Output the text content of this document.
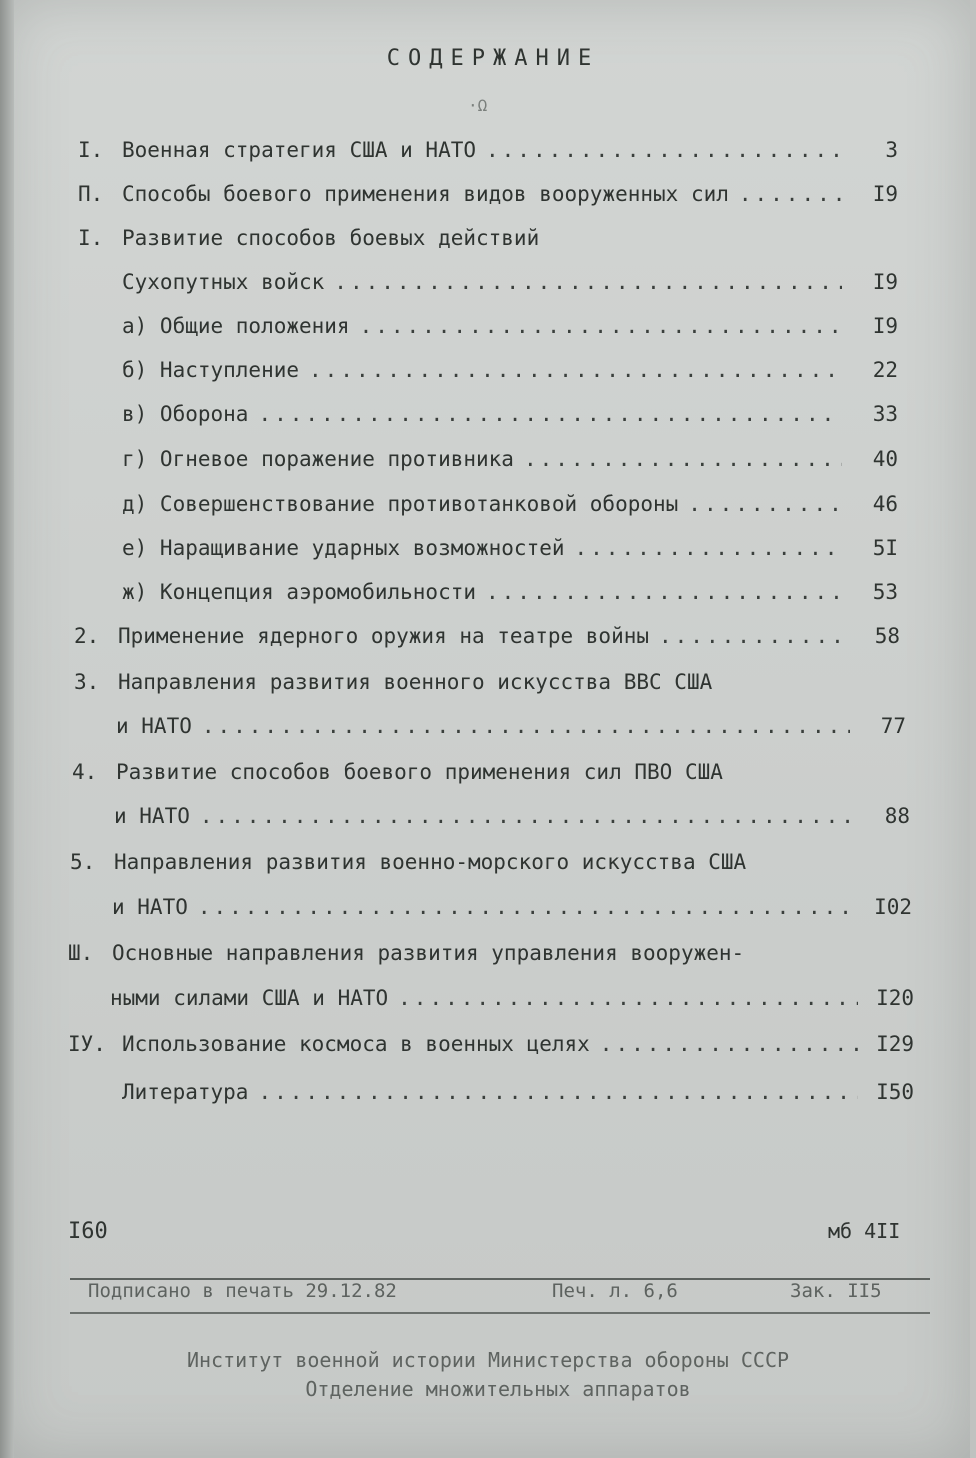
СОДЕРЖАНИЕ
·Ω
I. Военная стратегия США и НАТО .....	3
П. Способы боевого применения видов вооруженных сил .....	I9
I. Развитие способов боевых действий
Сухопутных войск .....	I9
а) Общие положения .....	I9
б) Наступление .....	22
в) Оборона .....	33
г) Огневое поражение противника .....	40
д) Совершенствование противотанковой обороны .....	46
е) Наращивание ударных возможностей .....	5I
ж) Концепция аэромобильности .....	53
2. Применение ядерного оружия на театре войны .....	58
3. Направления развития военного искусства ВВС США
и НАТО .....	77
4. Развитие способов боевого применения сил ПВО США
и НАТО .....	88
5. Направления развития военно-морского искусства США
и НАТО .....	I02
Ш. Основные направления развития управления вооружен-
ными силами США и НАТО .....	I20
IУ. Использование космоса в военных целях .....	I29
Литература .....	I50
I60	мб 4II
Подписано в печать 29.12.82	Печ. л. 6,6	Зак. II5
Институт военной истории Министерства обороны СССР
Отделение множительных аппаратов
